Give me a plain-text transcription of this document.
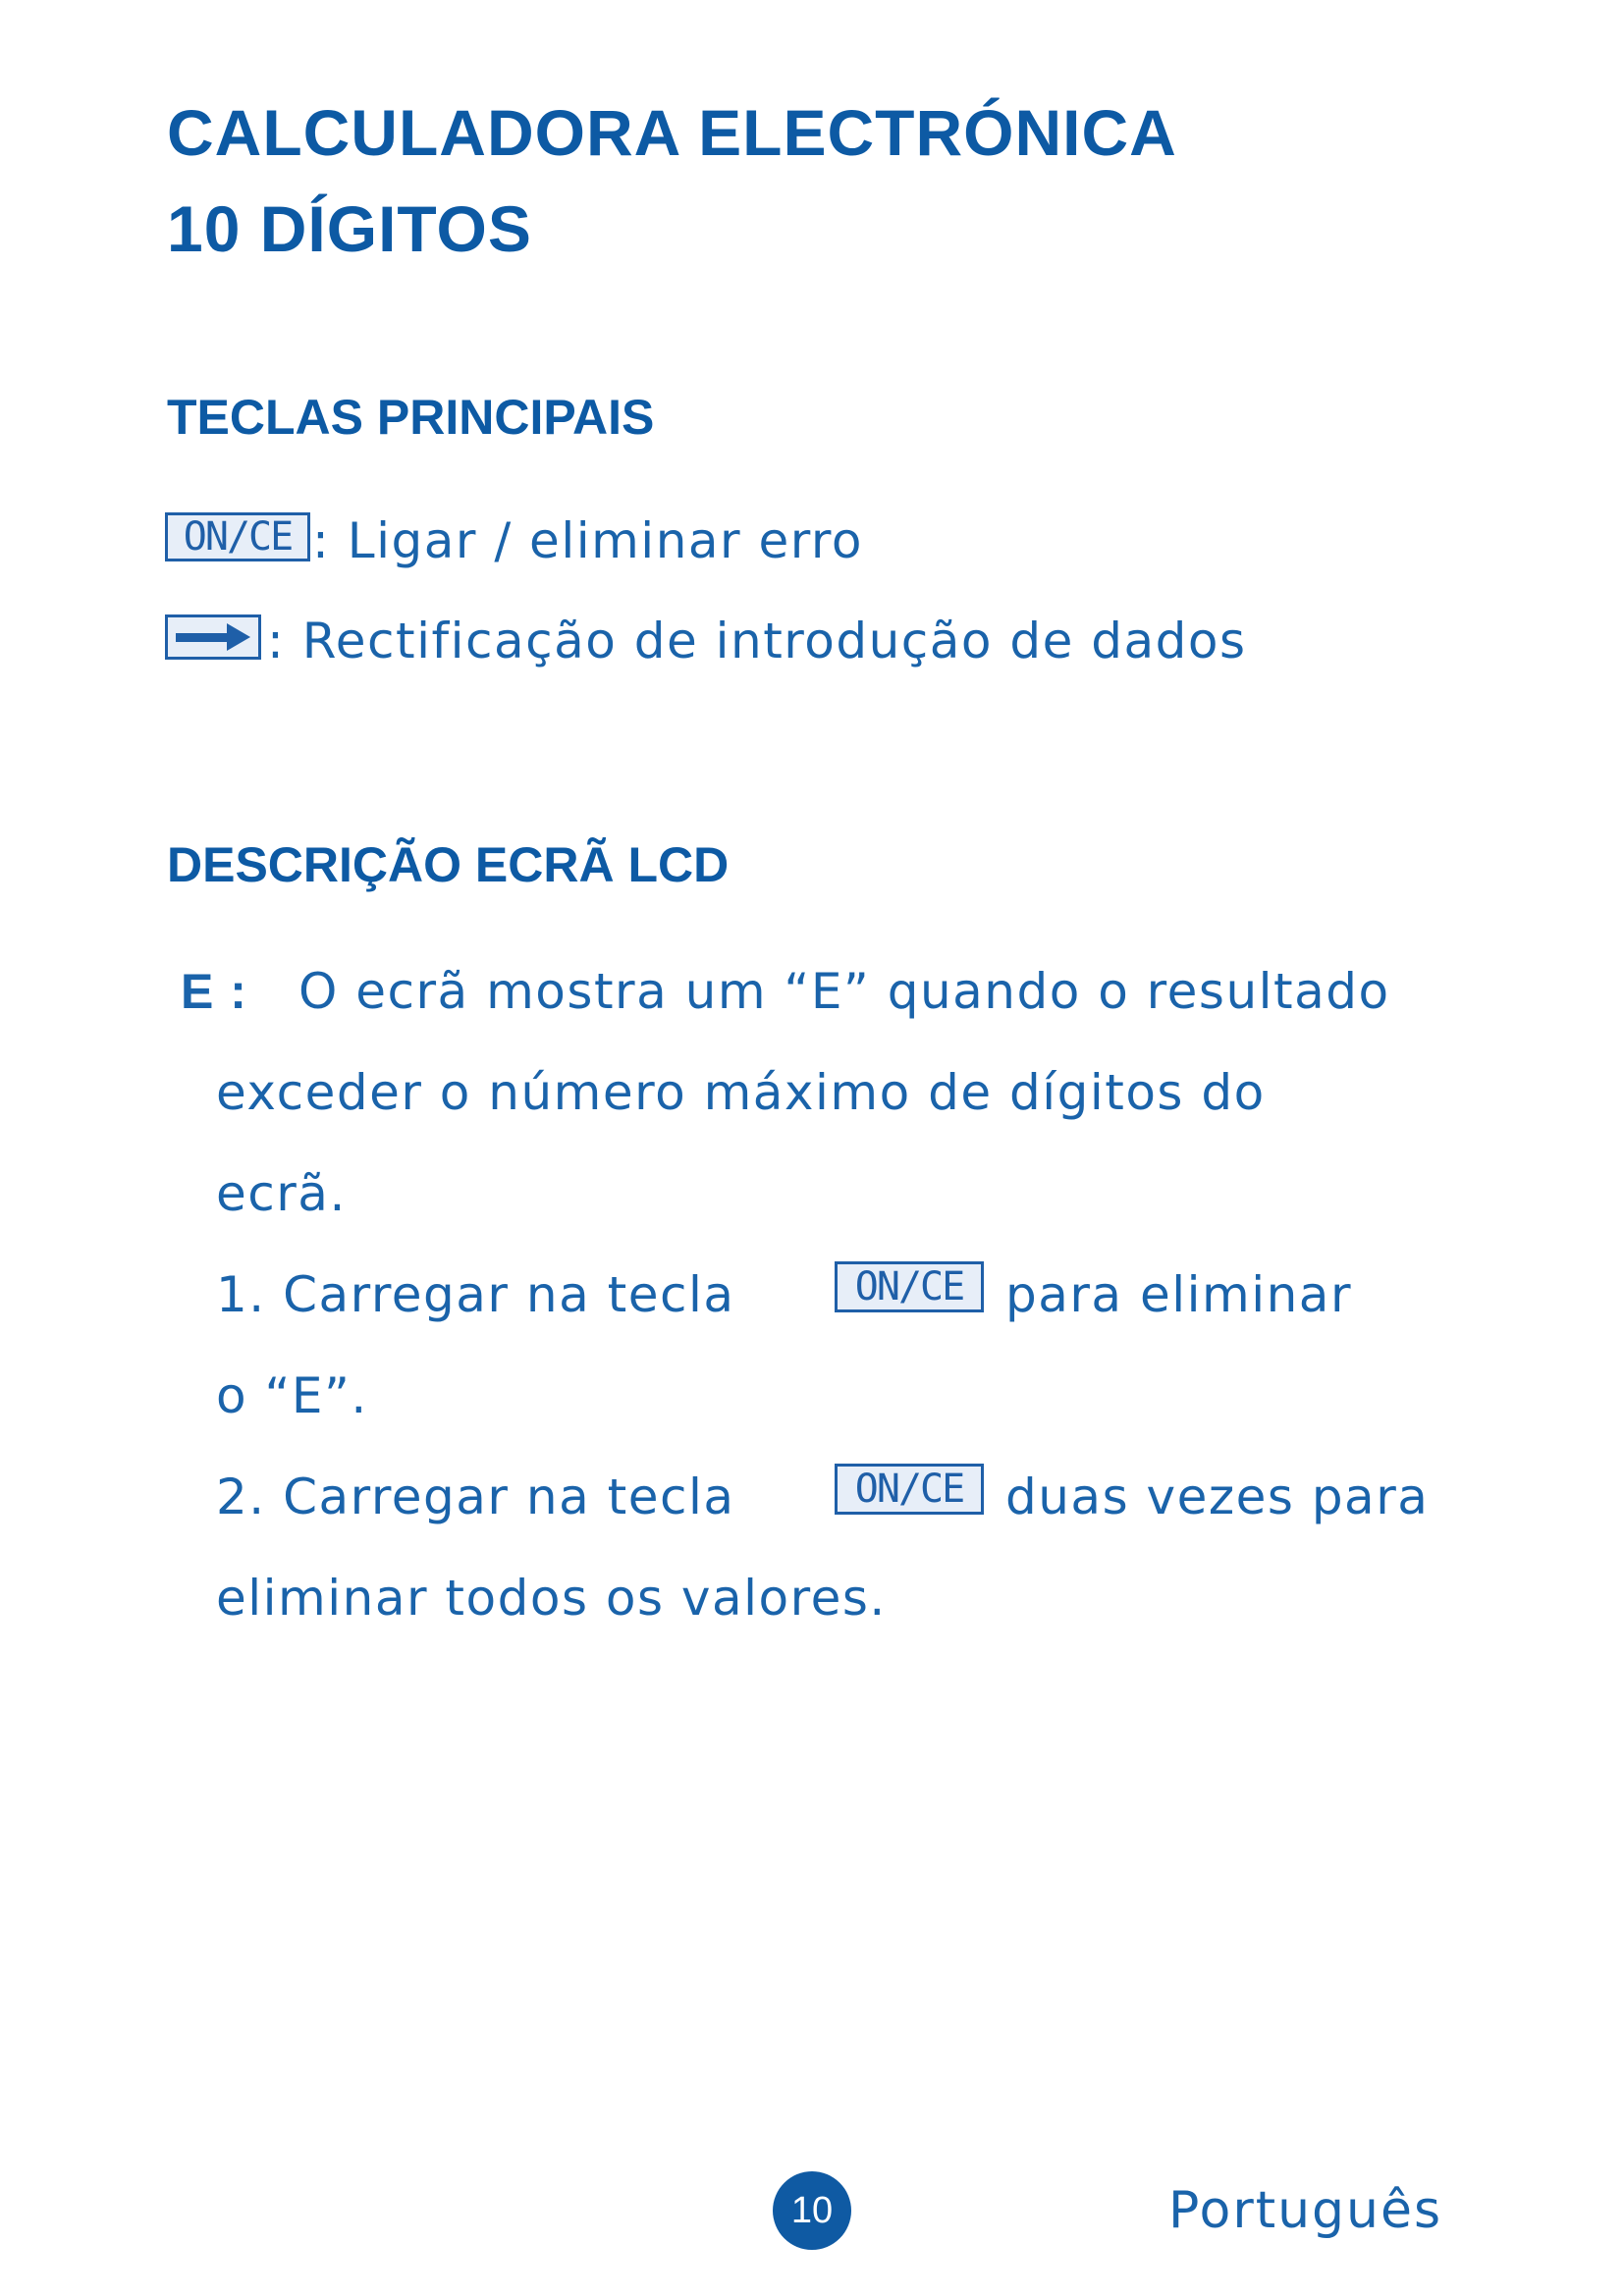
CALCULADORA ELECTRÓNICA
10 DÍGITOS
TECLAS PRINCIPAIS
ON/CE : Ligar / eliminar erro
: Rectificação de introdução de dados
DESCRIÇÃO ECRÃ LCD
E : O ecrã mostra um “E” quando o resultado
exceder o número máximo de dígitos do
ecrã.
1. Carregar na tecla	ON/CE para eliminar
o “E”.
2. Carregar na tecla	ON/CE duas vezes para
eliminar todos os valores.
10	Português
